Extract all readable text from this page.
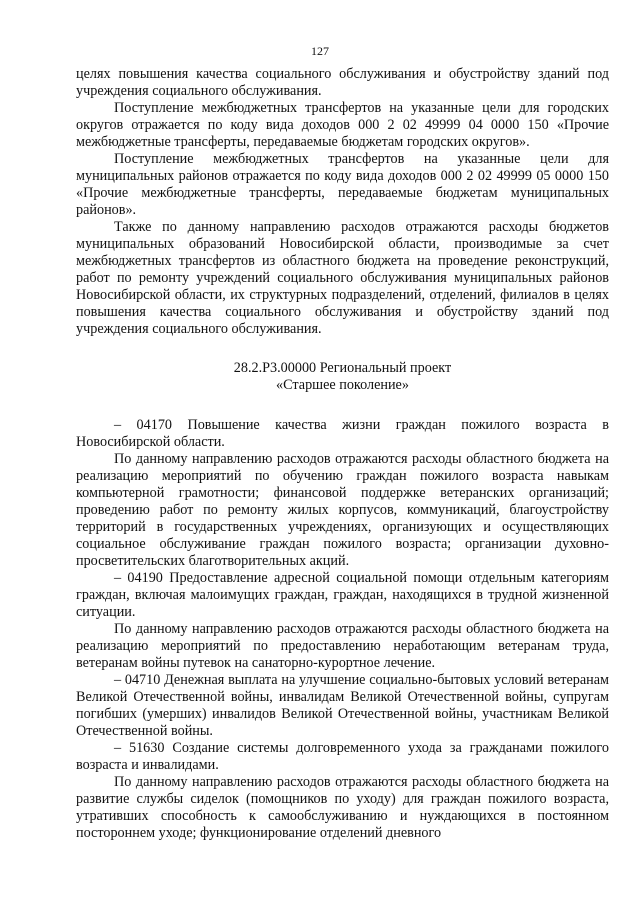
127

целях повышения качества социального обслуживания и обустройству зданий под учреждения социального обслуживания.

Поступление межбюджетных трансфертов на указанные цели для городских округов отражается по коду вида доходов 000 2 02 49999 04 0000 150 «Прочие межбюджетные трансферты, передаваемые бюджетам городских округов».

Поступление межбюджетных трансфертов на указанные цели для муниципальных районов отражается по коду вида доходов 000 2 02 49999 05 0000 150 «Прочие межбюджетные трансферты, передаваемые бюджетам муниципальных районов».

Также по данному направлению расходов отражаются расходы бюджетов муниципальных образований Новосибирской области, производимые за счет межбюджетных трансфертов из областного бюджета на проведение реконструкций, работ по ремонту учреждений социального обслуживания муниципальных районов Новосибирской области, их структурных подразделений, отделений, филиалов в целях повышения качества социального обслуживания и обустройству зданий под учреждения социального обслуживания.

28.2.P3.00000 Региональный проект
«Старшее поколение»

– 04170 Повышение качества жизни граждан пожилого возраста в Новосибирской области.

По данному направлению расходов отражаются расходы областного бюджета на реализацию мероприятий по обучению граждан пожилого возраста навыкам компьютерной грамотности; финансовой поддержке ветеранских организаций; проведению работ по ремонту жилых корпусов, коммуникаций, благоустройству территорий в государственных учреждениях, организующих и осуществляющих социальное обслуживание граждан пожилого возраста; организации духовно-просветительских благотворительных акций.

– 04190 Предоставление адресной социальной помощи отдельным категориям граждан, включая малоимущих граждан, граждан, находящихся в трудной жизненной ситуации.

По данному направлению расходов отражаются расходы областного бюджета на реализацию мероприятий по предоставлению неработающим ветеранам труда, ветеранам войны путевок на санаторно-курортное лечение.

– 04710 Денежная выплата на улучшение социально-бытовых условий ветеранам Великой Отечественной войны, инвалидам Великой Отечественной войны, супругам погибших (умерших) инвалидов Великой Отечественной войны, участникам Великой Отечественной войны.

– 51630 Создание системы долговременного ухода за гражданами пожилого возраста и инвалидами.

По данному направлению расходов отражаются расходы областного бюджета на развитие службы сиделок (помощников по уходу) для граждан пожилого возраста, утративших способность к самообслуживанию и нуждающихся в постоянном постороннем уходе; функционирование отделений дневного
